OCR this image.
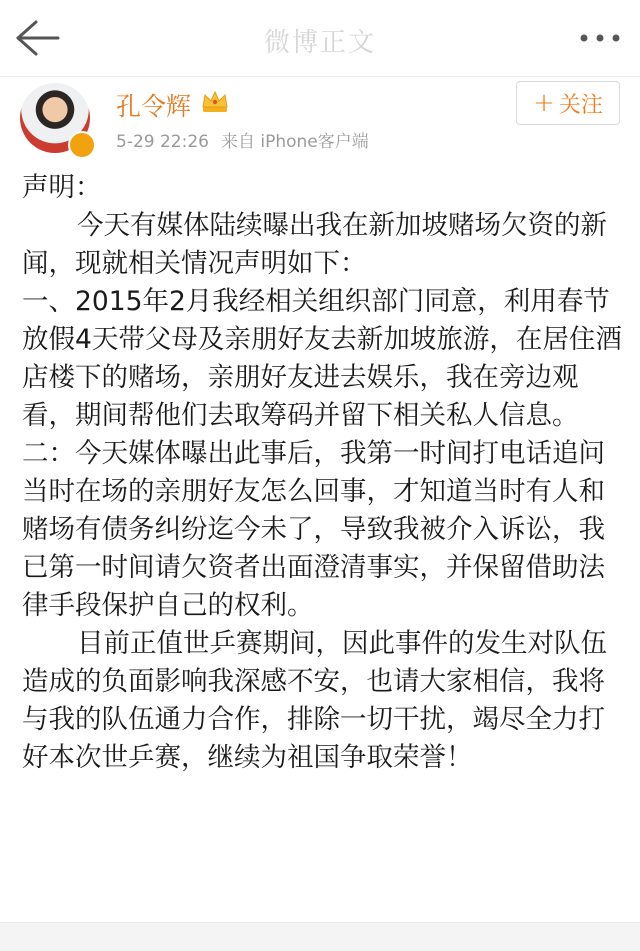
微博正文
孔令辉
5-29 22:26 来自 iPhone客户端
+ 关注

声明：

今天有媒体陆续曝出我在新加坡赌场欠资的新闻，现就相关情况声明如下：

一、2015年2月我经相关组织部门同意，利用春节放假4天带父母及亲朋好友去新加坡旅游，在居住酒店楼下的赌场，亲朋好友进去娱乐，我在旁边观看，期间帮他们去取筹码并留下相关私人信息。 二：今天媒体曝出此事后，我第一时间打电话追问当时在场的亲朋好友怎么回事，才知道当时有人和赌场有债务纠纷迄今未了，导致我被介入诉讼，我已第一时间请欠资者出面澄清事实，并保留借助法律手段保护自己的权利。

目前正值世乒赛期间，因此事件的发生对队伍造成的负面影响我深感不安，也请大家相信，我将与我的队伍通力合作，排除一切干扰，竭尽全力打好本次世乒赛，继续为祖国争取荣誉！
